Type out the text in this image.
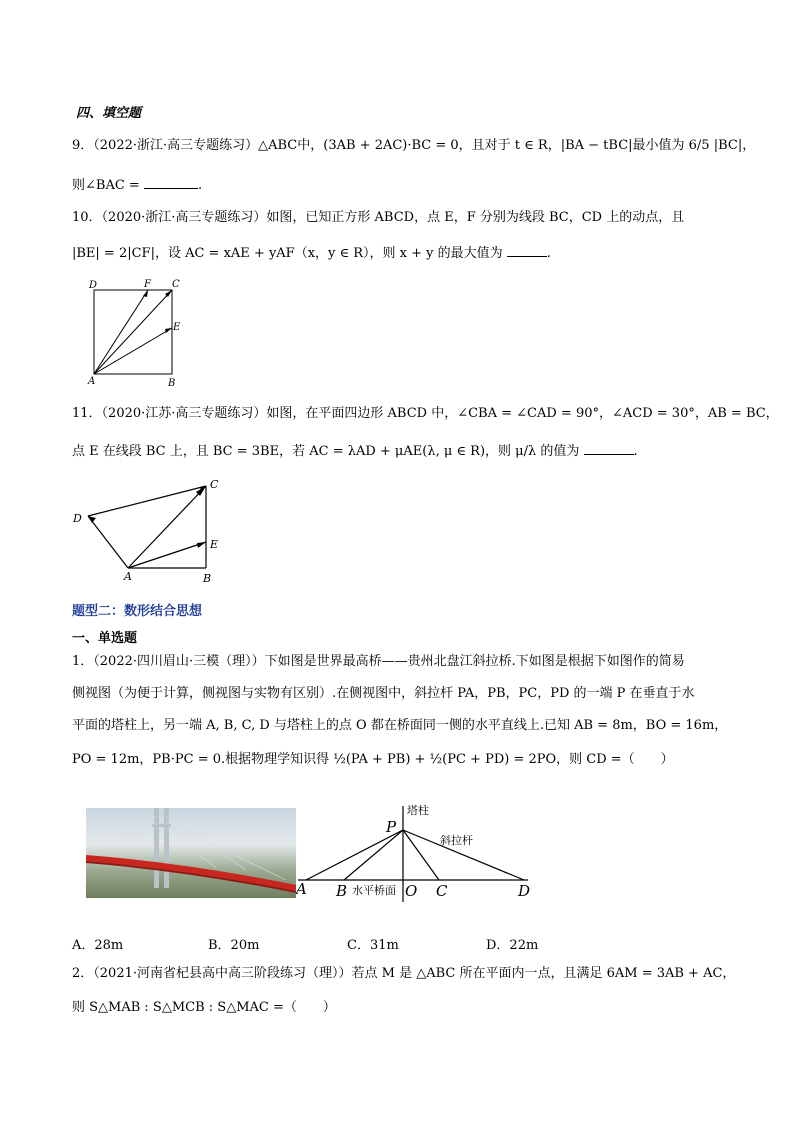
四、填空题
9．（2022·浙江·高三专题练习）△ABC中，(3AB + 2AC)·BC = 0，且对于 t ∈ R，|BA − tBC|最小值为 6/5 |BC|，
则∠BAC =	.
10．（2020·浙江·高三专题练习）如图，已知正方形 ABCD，点 E，F 分别为线段 BC，CD 上的动点，且
|BE| = 2|CF|，设 AC = xAE + yAF（x，y ∈ R），则 x + y 的最大值为	.
D	F C
E
A	B
11．（2020·江苏·高三专题练习）如图，在平面四边形 ABCD 中，∠CBA = ∠CAD = 90°，∠ACD = 30°，AB = BC，
点 E 在线段 BC 上，且 BC = 3BE，若 AC = λAD + μAE(λ, μ ∈ R)，则 μ/λ 的值为	.
D
C
E
A	B
题型二：数形结合思想
一、单选题
1．（2022·四川眉山·三模（理））下如图是世界最高桥——贵州北盘江斜拉桥.下如图是根据下如图作的简易
侧视图（为便于计算，侧视图与实物有区别）.在侧视图中，斜拉杆 PA，PB，PC，PD 的一端 P 在垂直于水
平面的塔柱上，另一端 A, B, C, D 与塔柱上的点 O 都在桥面同一侧的水平直线上.已知 AB = 8m，BO = 16m，
PO = 12m，PB·PC = 0.根据物理学知识得 ½(PA + PB) + ½(PC + PD) = 2PO，则 CD =（　　）
塔柱
P
斜拉杆
水平桥面
A B	O C	D
A．28m	B．20m	C．31m	D．22m
2．（2021·河南省杞县高中高三阶段练习（理））若点 M 是 △ABC 所在平面内一点，且满足 6AM = 3AB + AC，
则 S△MAB : S△MCB : S△MAC =（　　）
